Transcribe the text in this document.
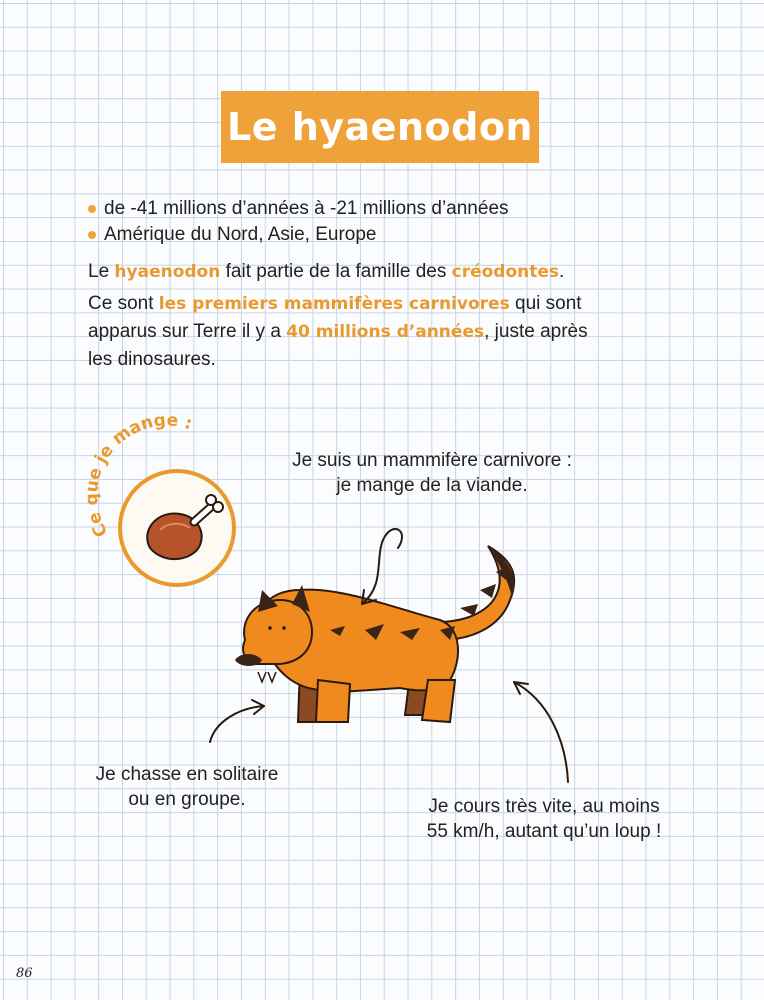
Le hyaenodon
de -41 millions d’années à -21 millions d’années
Amérique du Nord, Asie, Europe
Le hyaenodon fait partie de la famille des créodontes.
Ce sont les premiers mammifères carnivores qui sont apparus sur Terre il y a 40 millions d’années, juste après les dinosaures.
Ce que je mange :
Je suis un mammifère carnivore :
je mange de la viande.
Je chasse en solitaire
ou en groupe.	Je cours très vite, au moins
55 km/h, autant qu’un loup !
86
